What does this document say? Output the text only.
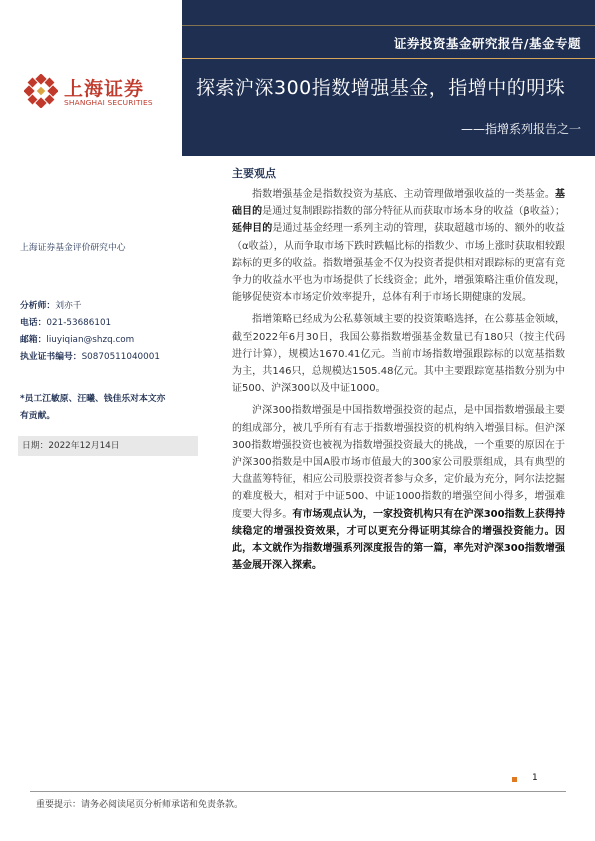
证券投资基金研究报告/基金专题
探索沪深300指数增强基金，指增中的明珠
——指增系列报告之一
上海证券
SHANGHAI SECURITIES
主要观点

指数增强基金是指数投资为基底、主动管理做增强收益的一类基金。基础目的是通过复制跟踪指数的部分特征从而获取市场本身的收益（β收益）；延伸目的是通过基金经理一系列主动的管理，获取超越市场的、额外的收益（α收益），从而争取市场下跌时跌幅比标的指数少、市场上涨时获取相较跟踪标的更多的收益。指数增强基金不仅为投资者提供相对跟踪标的更富有竞争力的收益水平也为市场提供了长线资金；此外，增强策略注重价值发现，能够促使资本市场定价效率提升，总体有利于市场长期健康的发展。

指增策略已经成为公私募领域主要的投资策略选择，在公募基金领域，截至2022年6月30日，我国公募指数增强基金数量已有180只（按主代码进行计算），规模达1670.41亿元。当前市场指数增强跟踪标的以宽基指数为主，共146只，总规模达1505.48亿元。其中主要跟踪宽基指数分别为中证500、沪深300以及中证1000。

沪深300指数增强是中国指数增强投资的起点，是中国指数增强最主要的组成部分，被几乎所有有志于指数增强投资的机构纳入增强目标。但沪深300指数增强投资也被视为指数增强投资最大的挑战，一个重要的原因在于沪深300指数是中国A股市场市值最大的300家公司股票组成，具有典型的大盘蓝筹特征，相应公司股票投资者参与众多，定价最为充分，阿尔法挖掘的难度极大，相对于中证500、中证1000指数的增强空间小得多，增强难度要大得多。有市场观点认为，一家投资机构只有在沪深300指数上获得持续稳定的增强投资效果，才可以更充分得证明其综合的增强投资能力。因此，本文就作为指数增强系列深度报告的第一篇，率先对沪深300指数增强基金展开深入探索。

上海证券基金评价研究中心
分析师：刘亦千
电话：021-53686101
邮箱：liuyiqian@shzq.com
执业证书编号：S0870511040001
*员工江敏原、汪曦、钱佳乐对本文亦有贡献。
日期：2022年12月14日
1
重要提示：请务必阅读尾页分析师承诺和免责条款。
